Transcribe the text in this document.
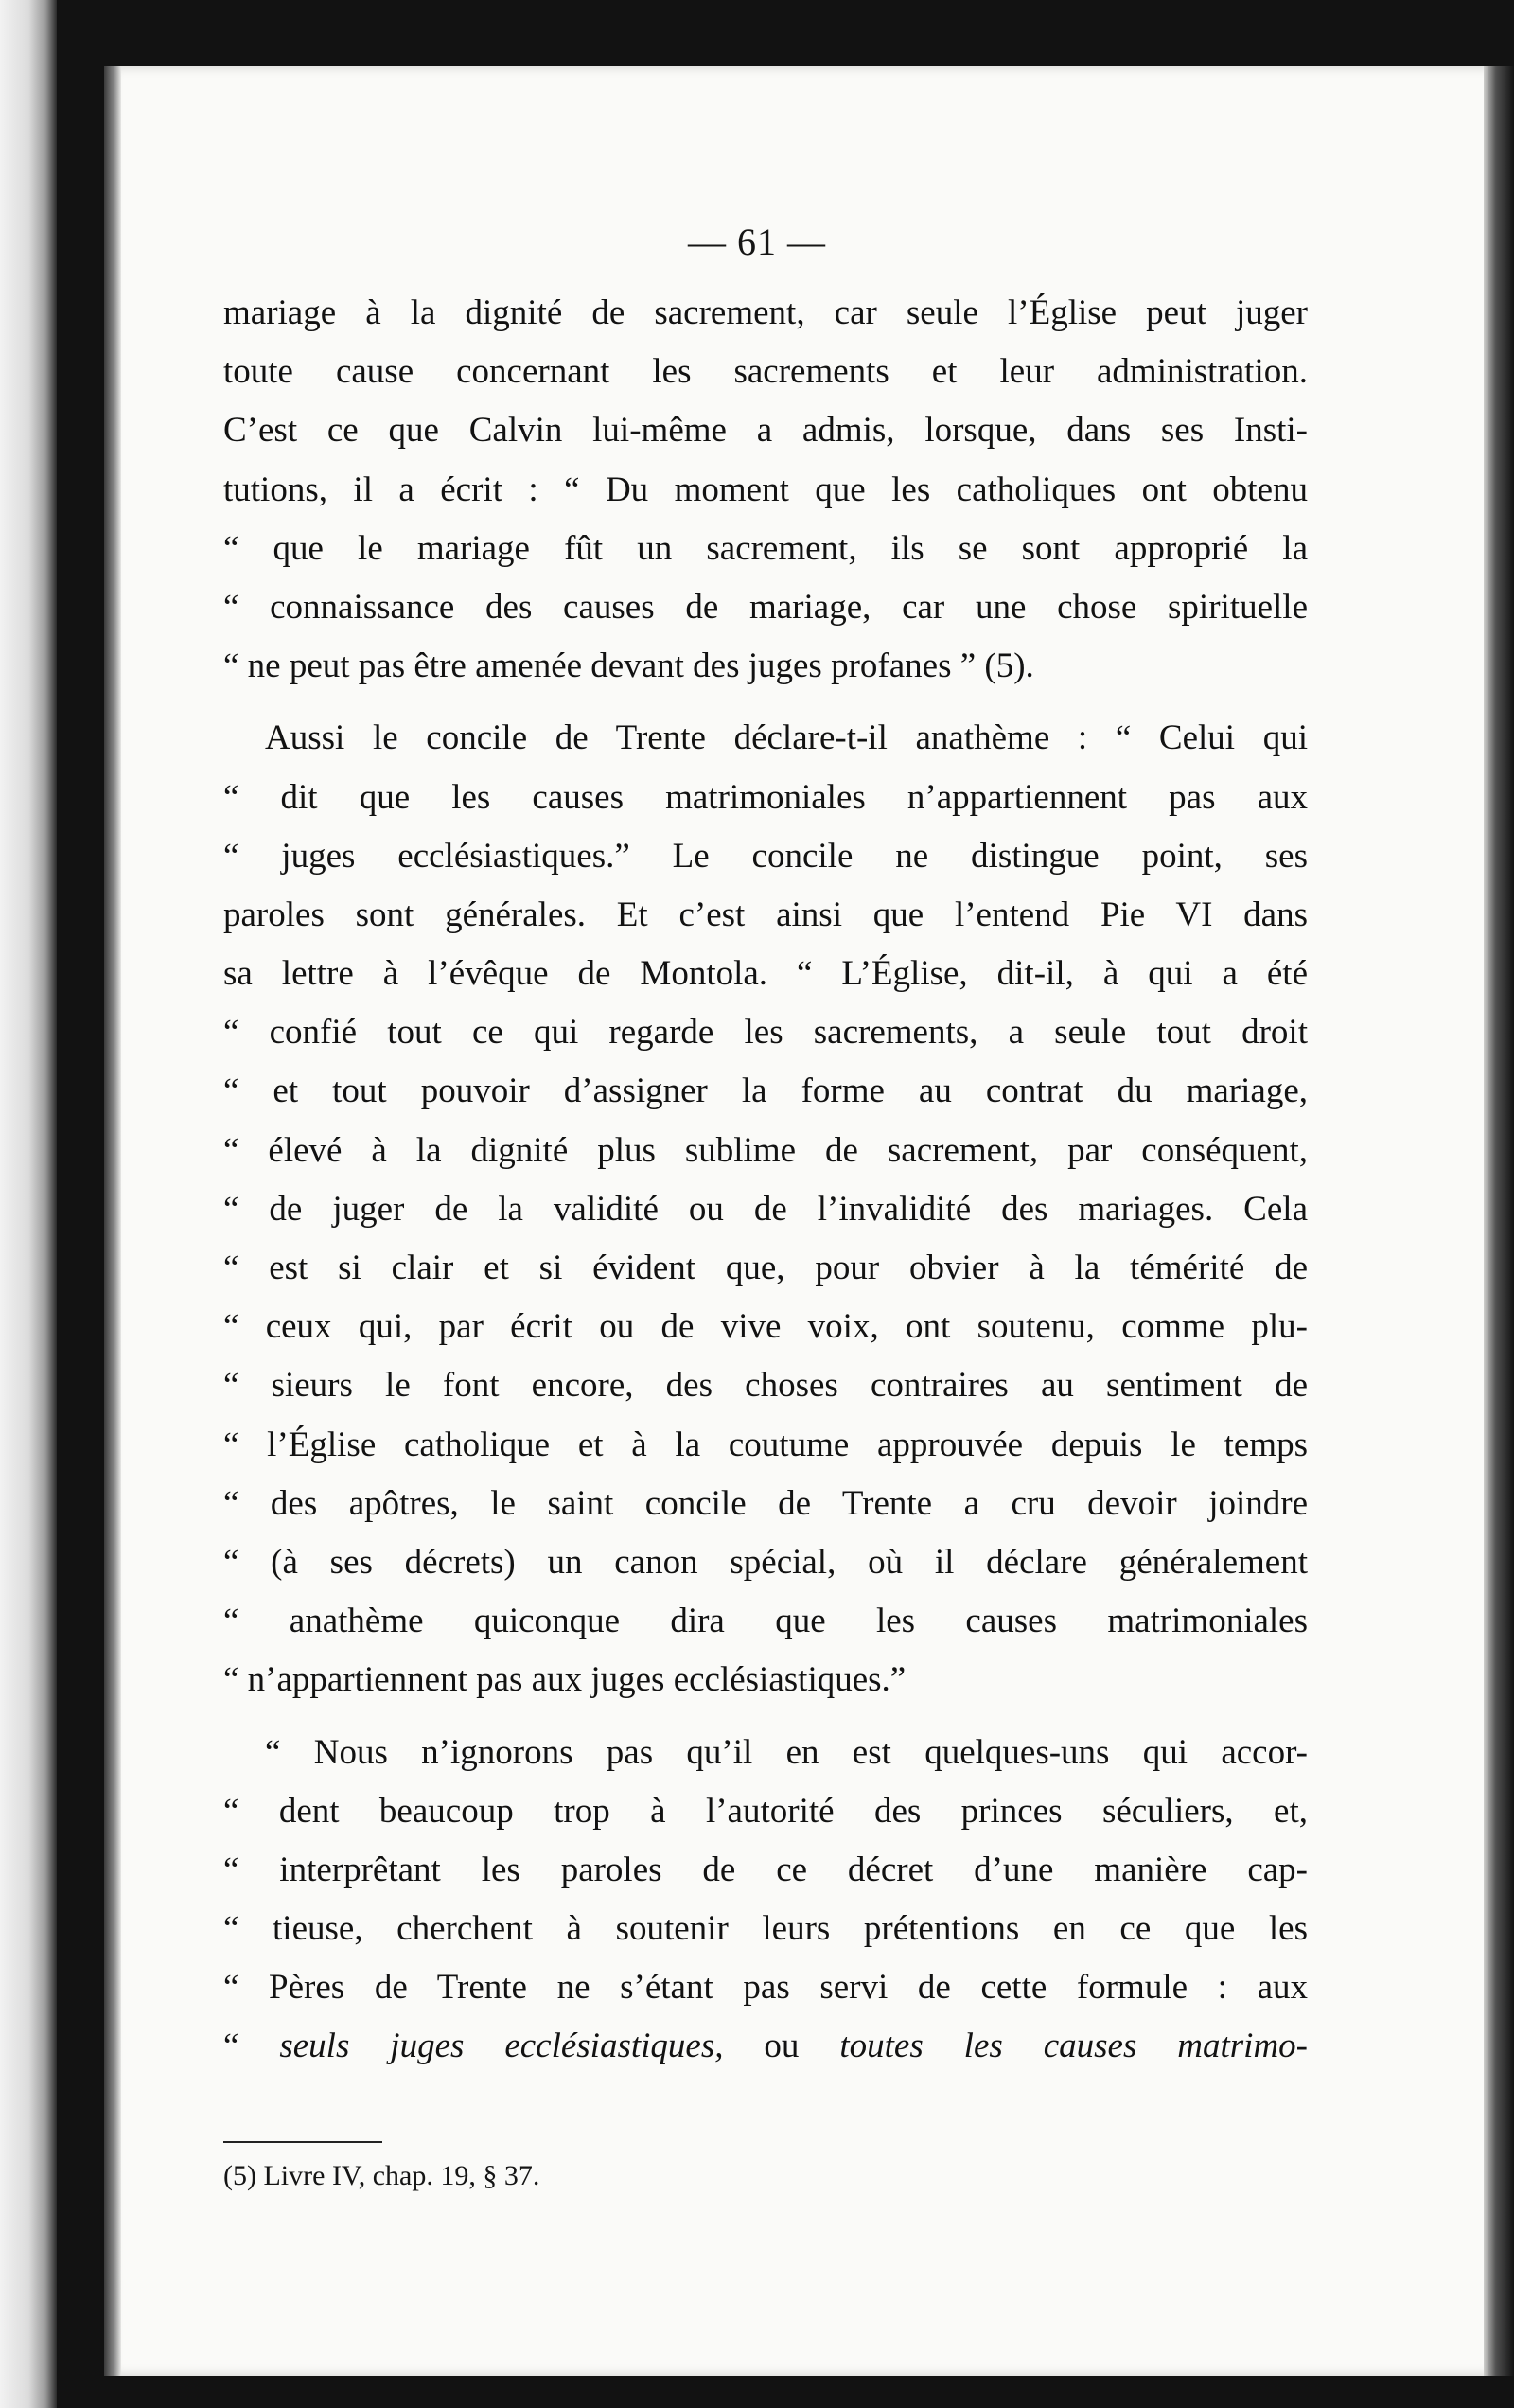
— 61 —
mariage à la dignité de sacrement, car seule l’Église peut juger
toute cause concernant les sacrements et leur administration.
C’est ce que Calvin lui-même a admis, lorsque, dans ses Insti-
tutions, il a écrit : “ Du moment que les catholiques ont obtenu
“ que le mariage fût un sacrement, ils se sont approprié la
“ connaissance des causes de mariage, car une chose spirituelle
“ ne peut pas être amenée devant des juges profanes ” (5).
Aussi le concile de Trente déclare-t-il anathème : “ Celui qui
“ dit que les causes matrimoniales n’appartiennent pas aux
“ juges ecclésiastiques.” Le concile ne distingue point, ses
paroles sont générales. Et c’est ainsi que l’entend Pie VI dans
sa lettre à l’évêque de Montola. “ L’Église, dit-il, à qui a été
“ confié tout ce qui regarde les sacrements, a seule tout droit
“ et tout pouvoir d’assigner la forme au contrat du mariage,
“ élevé à la dignité plus sublime de sacrement, par conséquent,
“ de juger de la validité ou de l’invalidité des mariages. Cela
“ est si clair et si évident que, pour obvier à la témérité de
“ ceux qui, par écrit ou de vive voix, ont soutenu, comme plu-
“ sieurs le font encore, des choses contraires au sentiment de
“ l’Église catholique et à la coutume approuvée depuis le temps
“ des apôtres, le saint concile de Trente a cru devoir joindre
“ (à ses décrets) un canon spécial, où il déclare généralement
“ anathème quiconque dira que les causes matrimoniales
“ n’appartiennent pas aux juges ecclésiastiques.”
“ Nous n’ignorons pas qu’il en est quelques-uns qui accor-
“ dent beaucoup trop à l’autorité des princes séculiers, et,
“ interprêtant les paroles de ce décret d’une manière cap-
“ tieuse, cherchent à soutenir leurs prétentions en ce que les
“ Pères de Trente ne s’étant pas servi de cette formule : aux
“ seuls juges ecclésiastiques, ou toutes les causes matrimo-
(5) Livre IV, chap. 19, § 37.
